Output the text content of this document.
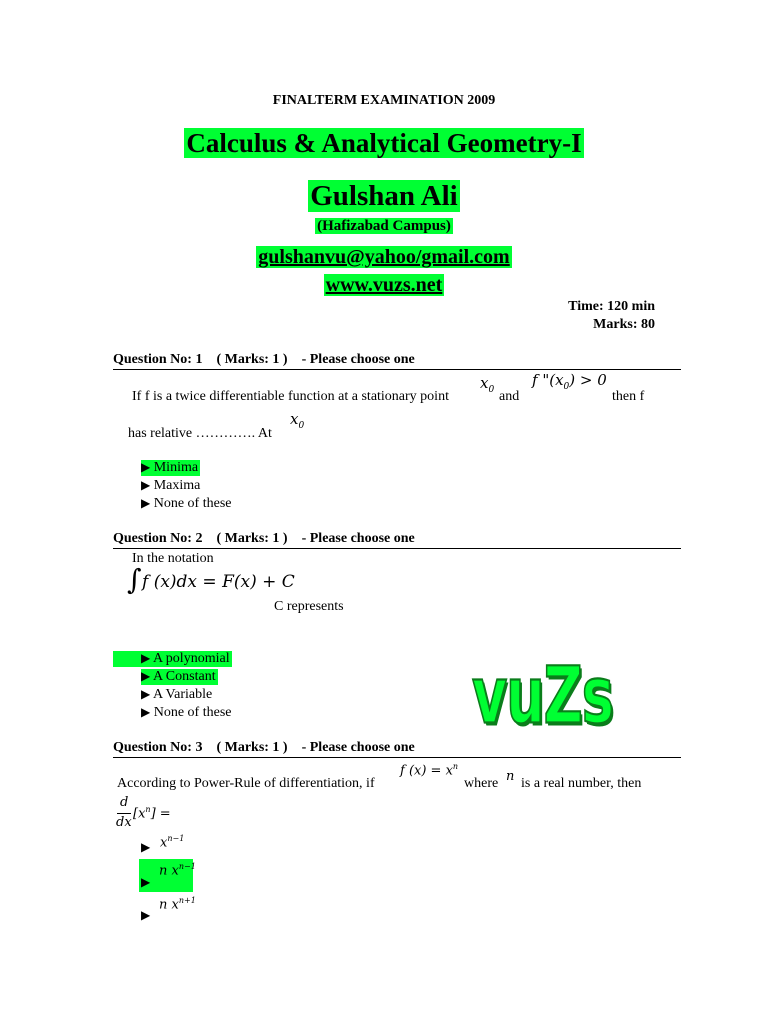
FINALTERM EXAMINATION 2009
Calculus & Analytical Geometry-I
Gulshan Ali
(Hafizabad Campus)
gulshanvu@yahoo/gmail.com
www.vuzs.net
Time: 120 min
Marks: 80
Question No: 1    ( Marks: 1 )    - Please choose one
$x_0$
f "$(x_0) > 0$
If f is a twice differentiable function at a stationary point	and	then f
$x_0$
has relative …………. At
▶ Minima
▶ Maxima
▶ None of these
Question No: 2    ( Marks: 1 )    - Please choose one
In the notation
∫ f (x)dx = F(x) + C
C represents
▶ A polynomial
▶ A Constant
▶ A Variable
▶ None of these	vuZs
Question No: 3    ( Marks: 1 )    - Please choose one
f $(x) = x^n$
n
According to Power-Rule of differentiation, if	where is a real number, then
d
dx
$[x^n]$ =
$x^{n-1}$
▶
n $x^{n-1}$
▶
n $x^{n+1}$
▶
